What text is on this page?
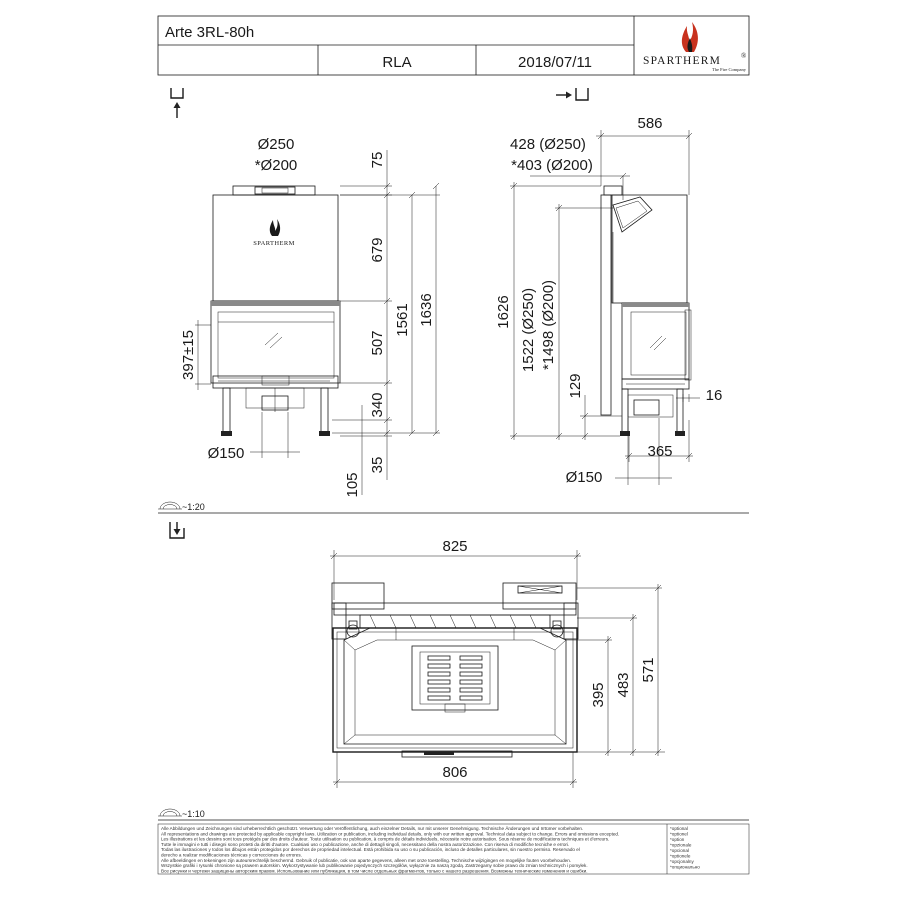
Arte 3RL-80h
RLA	2018/07/11	SPARTHERM	®
The Fire Company
SPARTHERM
Ø250
*Ø200	75
679
507
340
1561 1636
35
105
397±15
Ø150
428 (Ø250)
*403 (Ø200)
586
1626 1522 (Ø250) *1498 (Ø200)
129	16
365
Ø150
~1:20
825
806
395 483
571
~1:10
Alle Abbildungen und Zeichnungen sind urheberrechtlich geschützt. Verwertung oder Veröffentlichung, auch einzelner Details, nur mit unserer Genehmigung. Technische Änderungen und Irrtümer vorbehalten.
All representations and drawings are protected by applicable copyright laws. Utilization or publication, including individual details, only with our written approval. Technical data subject to change. Errors and omissions excepted.
Les illustrations et les dessins sont tous protégés par des droits d'auteur. Toute utilisation ou publication, à compris de détails individuels, nécessite notre autorisation. Sous réserve de modifications techniques et d'erreurs.
Tutte le immagini e tutti i disegni sono protetti da diritti d'autore. Cualsiasi uso o publicazione, anche di dettagli singoli, necessitano della nostra autorizzazione. Con riserva di modifiche tecniche e errori.
Todas las ilustraciones y todos los dibujos están protegidos por derechos de propriedad intelectual. Está prohibida su uso o su publicación, incluso de detalles particulares, sin nuestro permiso. Reservado el
derecho a realizar modificaciones técnicas y correcciones de errores.
Alle afbeeldingen en tekeningen zijn auteursrechtelijk beschermd. Gebruik of publicatie, ook van aparte gegevens, alleen met onze toestelling. Technische wijzigingen en mogelijke fouten voorbehouden.
Wszystkie grafiki i rysunki chronione są prawem autorskim. Wykorzystywanie lub publikowanie pojedynczych szczegółów, wyłącznie za naszą zgodą. Zastrzegamy sobie prawo do zmian technicznych i pomyłek.
Все рисунки и чертежи защищены авторским правом. Использование или публикация, в том числе отдельных фрагментов, только с нашего разрешения. Возможны технические изменения и ошибки.
*optional
*optionel
*option
*opzionale
*opcional
*optionele
*opcjonalny
*опционально
